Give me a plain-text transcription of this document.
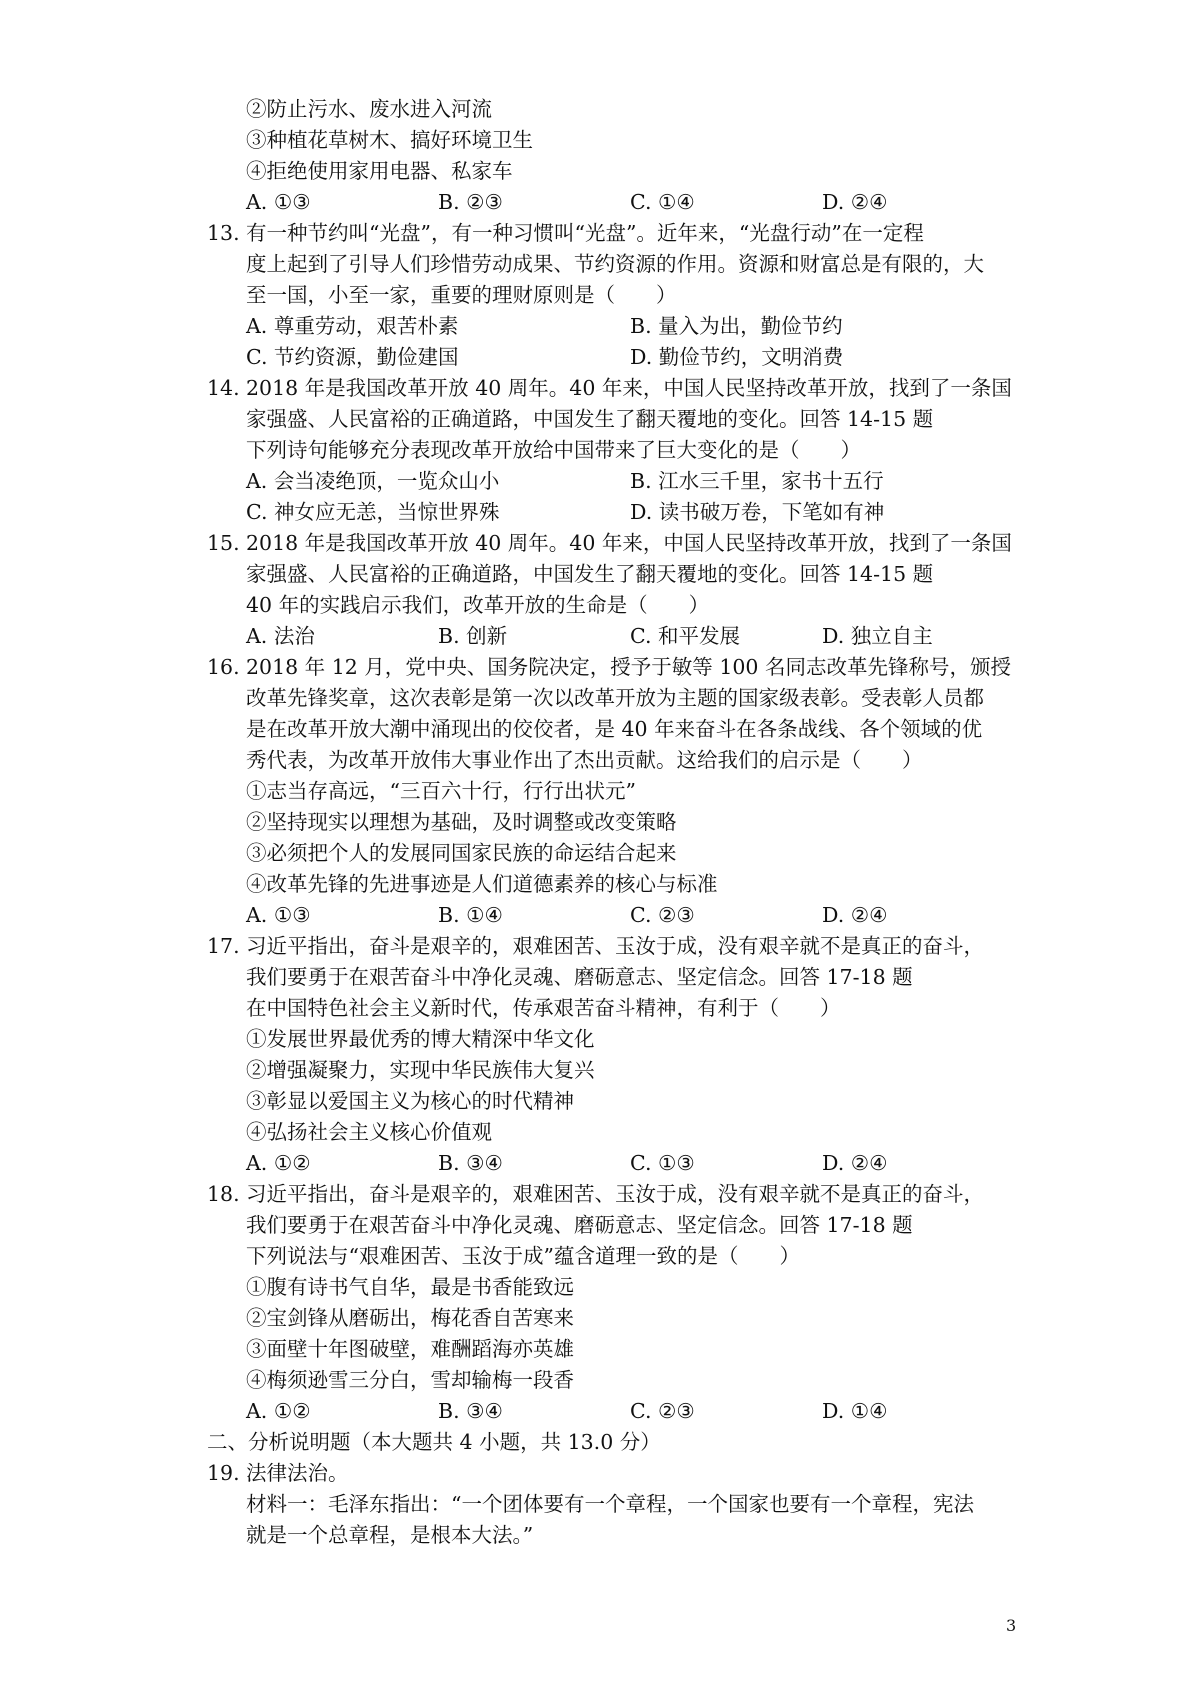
②防止污水、废水进入河流
③种植花草树木、搞好环境卫生
④拒绝使用家用电器、私家车
A. ①③	B. ②③	C. ①④	D. ②④
13. 有一种节约叫“光盘”，有一种习惯叫“光盘”。近年来，“光盘行动”在一定程
度上起到了引导人们珍惜劳动成果、节约资源的作用。资源和财富总是有限的，大
至一国，小至一家，重要的理财原则是（　　）
A. 尊重劳动，艰苦朴素	B. 量入为出，勤俭节约
C. 节约资源，勤俭建国	D. 勤俭节约，文明消费
14. 2018 年是我国改革开放 40 周年。40 年来，中国人民坚持改革开放，找到了一条国
家强盛、人民富裕的正确道路，中国发生了翻天覆地的变化。回答 14-15 题
下列诗句能够充分表现改革开放给中国带来了巨大变化的是（　　）
A. 会当凌绝顶，一览众山小	B. 江水三千里，家书十五行
C. 神女应无恙，当惊世界殊	D. 读书破万卷，下笔如有神
15. 2018 年是我国改革开放 40 周年。40 年来，中国人民坚持改革开放，找到了一条国
家强盛、人民富裕的正确道路，中国发生了翻天覆地的变化。回答 14-15 题
40 年的实践启示我们，改革开放的生命是（　　）
A. 法治	B. 创新	C. 和平发展	D. 独立自主
16. 2018 年 12 月，党中央、国务院决定，授予于敏等 100 名同志改革先锋称号，颁授
改革先锋奖章，这次表彰是第一次以改革开放为主题的国家级表彰。受表彰人员都
是在改革开放大潮中涌现出的佼佼者，是 40 年来奋斗在各条战线、各个领域的优
秀代表，为改革开放伟大事业作出了杰出贡献。这给我们的启示是（　　）
①志当存高远，“三百六十行，行行出状元”
②坚持现实以理想为基础，及时调整或改变策略
③必须把个人的发展同国家民族的命运结合起来
④改革先锋的先进事迹是人们道德素养的核心与标准
A. ①③	B. ①④	C. ②③	D. ②④
17. 习近平指出，奋斗是艰辛的，艰难困苦、玉汝于成，没有艰辛就不是真正的奋斗，
我们要勇于在艰苦奋斗中净化灵魂、磨砺意志、坚定信念。回答 17-18 题
在中国特色社会主义新时代，传承艰苦奋斗精神，有利于（　　）
①发展世界最优秀的博大精深中华文化
②增强凝聚力，实现中华民族伟大复兴
③彰显以爱国主义为核心的时代精神
④弘扬社会主义核心价值观
A. ①②	B. ③④	C. ①③	D. ②④
18. 习近平指出，奋斗是艰辛的，艰难困苦、玉汝于成，没有艰辛就不是真正的奋斗，
我们要勇于在艰苦奋斗中净化灵魂、磨砺意志、坚定信念。回答 17-18 题
下列说法与“艰难困苦、玉汝于成”蕴含道理一致的是（　　）
①腹有诗书气自华，最是书香能致远
②宝剑锋从磨砺出，梅花香自苦寒来
③面壁十年图破壁，难酬蹈海亦英雄
④梅须逊雪三分白，雪却输梅一段香
A. ①②	B. ③④	C. ②③	D. ①④
二、分析说明题（本大题共 4 小题，共 13.0 分）
19. 法律法治。
材料一：毛泽东指出：“一个团体要有一个章程，一个国家也要有一个章程，宪法
就是一个总章程，是根本大法。”
3
